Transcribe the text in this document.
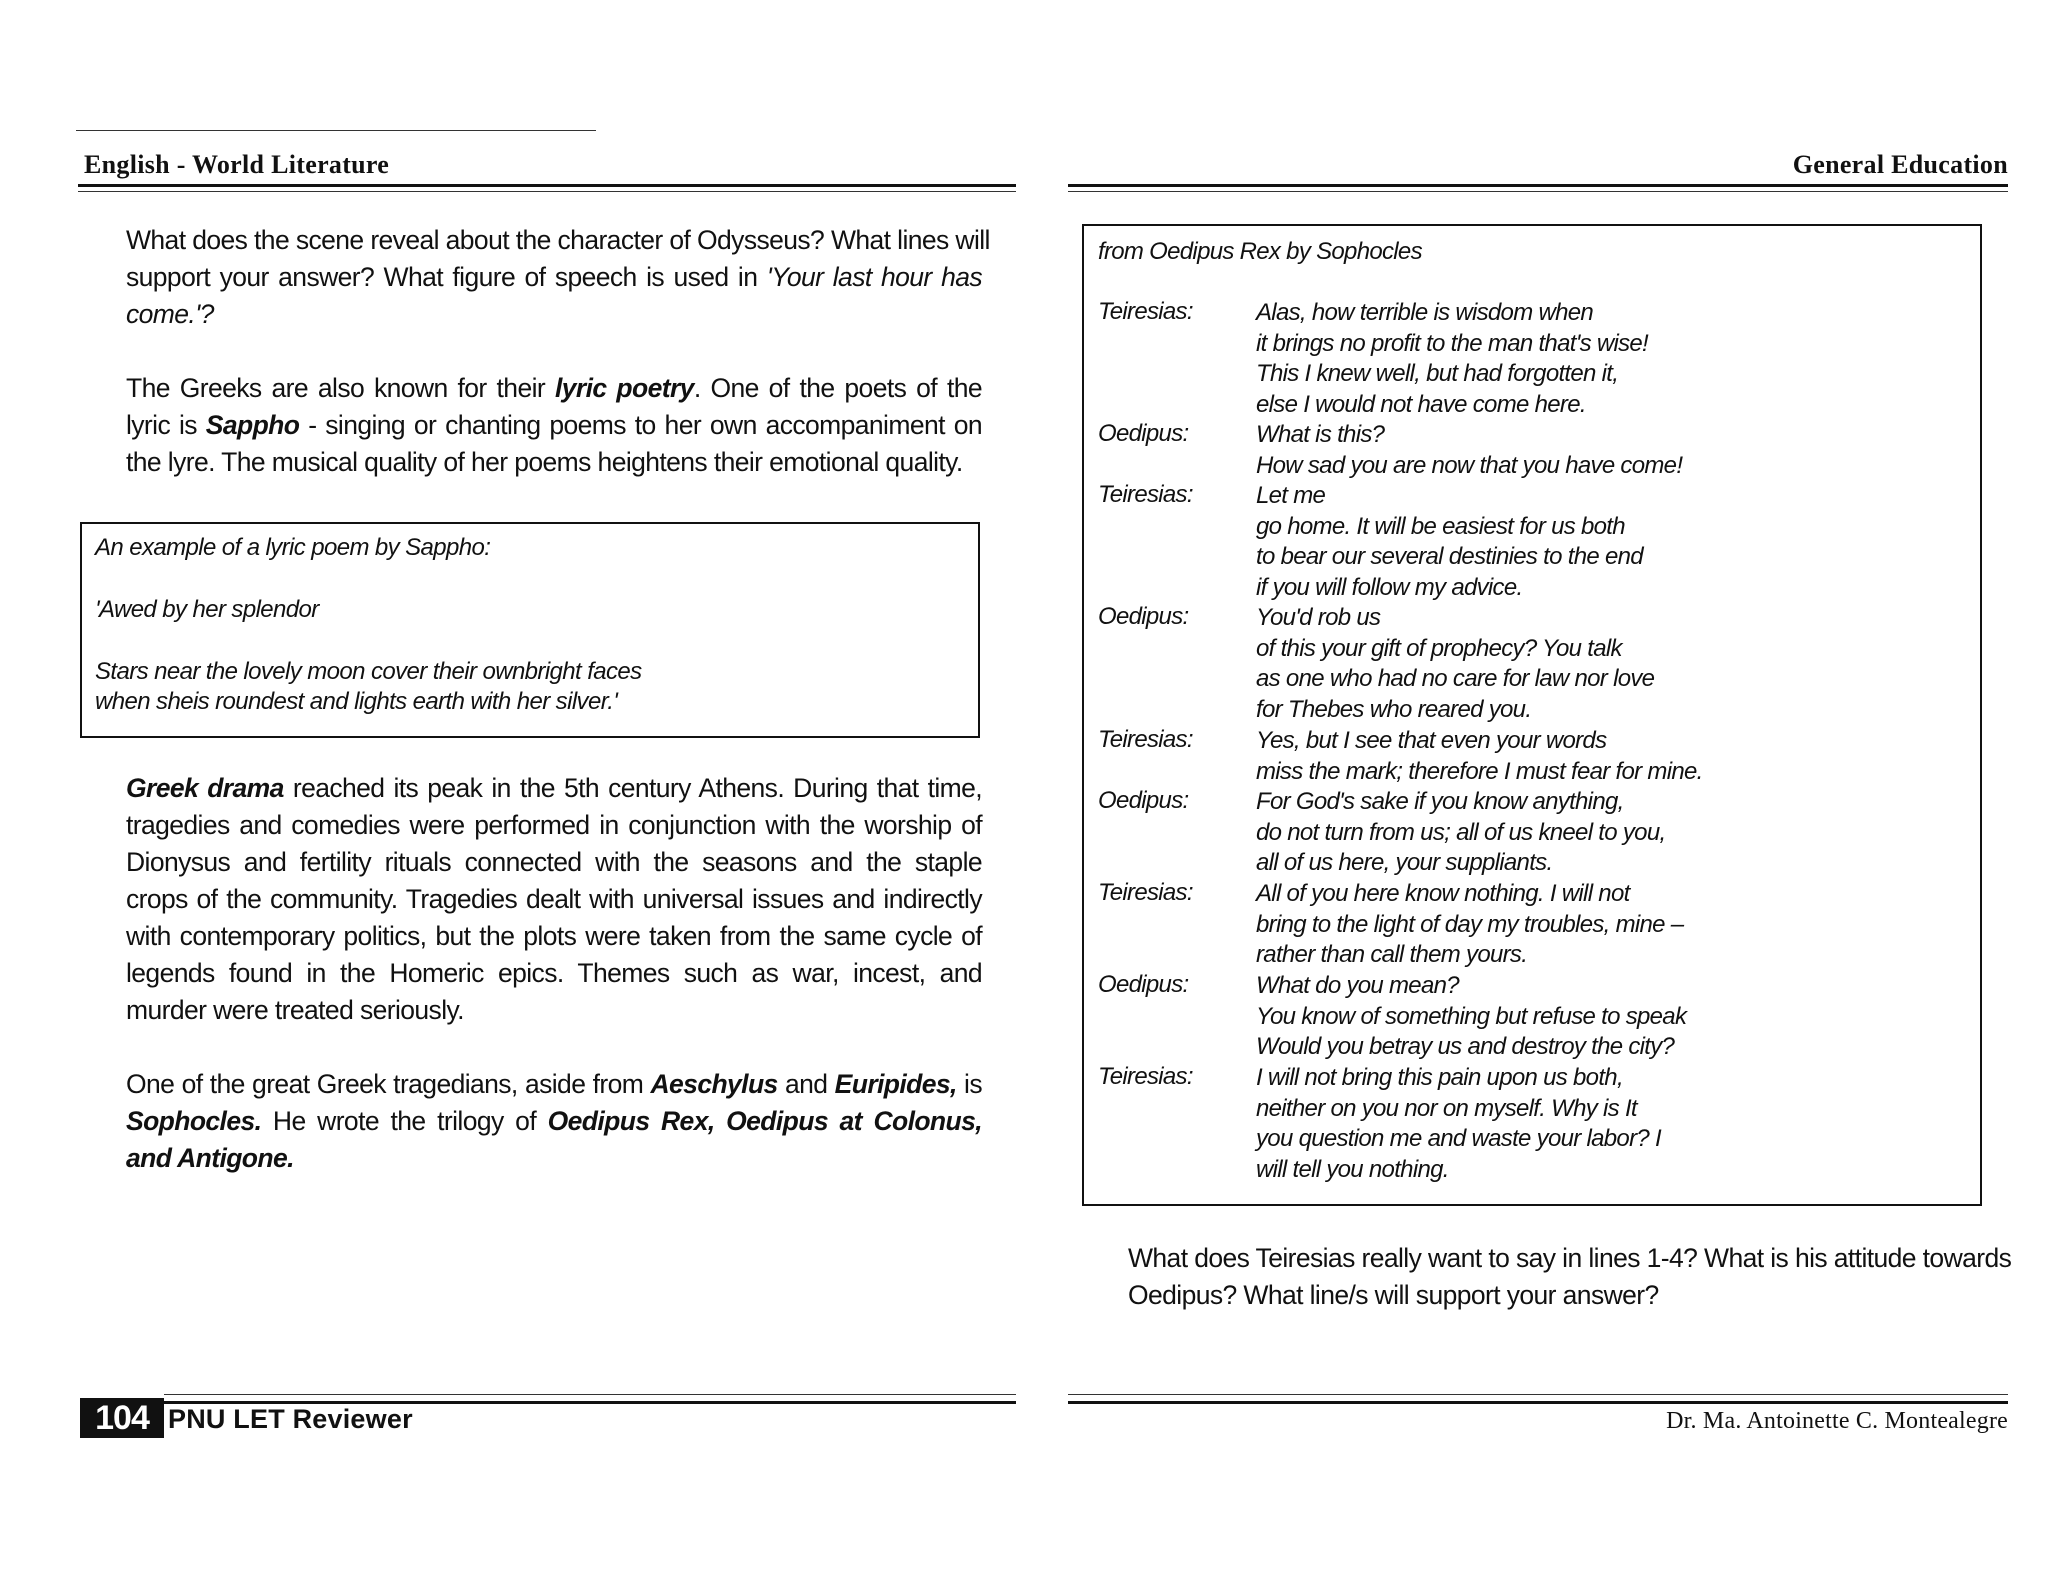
English - World Literature
What does the scene reveal about the character of Odysseus? What lines will
support your answer? What figure of speech is used in 'Your last hour has
come.'?
The Greeks are also known for their lyric poetry. One of the poets of the lyric is Sappho - singing or chanting poems to her own accompaniment on the lyre. The musical quality of her poems heightens their emotional quality.
An example of a lyric poem by Sappho:
'Awed by her splendor
Stars near the lovely moon cover their ownbright faces
when sheis roundest and lights earth with her silver.'
Greek drama reached its peak in the 5th century Athens. During that time, tragedies and comedies were performed in conjunction with the worship of Dionysus and fertility rituals connected with the seasons and the staple crops of the community. Tragedies dealt with universal issues and indirectly with contemporary politics, but the plots were taken from the same cycle of legends found in the Homeric epics. Themes such as war, incest, and murder were treated seriously.
One of the great Greek tragedians, aside from Aeschylus and Euripides, is Sophocles. He wrote the trilogy of Oedipus Rex, Oedipus at Colonus, and Antigone.
104 PNU LET Reviewer
General Education
from Oedipus Rex by Sophocles
Teiresias:	Alas, how terrible is wisdom when
it brings no profit to the man that's wise!
This I knew well, but had forgotten it,
else I would not have come here.
Oedipus:	What is this?
How sad you are now that you have come!
Teiresias:	Let me
go home. It will be easiest for us both
to bear our several destinies to the end
if you will follow my advice.
Oedipus:	You'd rob us
of this your gift of prophecy? You talk
as one who had no care for law nor love
for Thebes who reared you.
Teiresias:	Yes, but I see that even your words
miss the mark; therefore I must fear for mine.
Oedipus:	For God's sake if you know anything,
do not turn from us; all of us kneel to you,
all of us here, your suppliants.
Teiresias:	All of you here know nothing. I will not
bring to the light of day my troubles, mine –
rather than call them yours.
Oedipus:	What do you mean?
You know of something but refuse to speak
Would you betray us and destroy the city?
Teiresias:	I will not bring this pain upon us both,
neither on you nor on myself. Why is It
you question me and waste your labor? I
will tell you nothing.
What does Teiresias really want to say in lines 1-4? What is his attitude towards Oedipus? What line/s will support your answer?
Dr. Ma. Antoinette C. Montealegre
